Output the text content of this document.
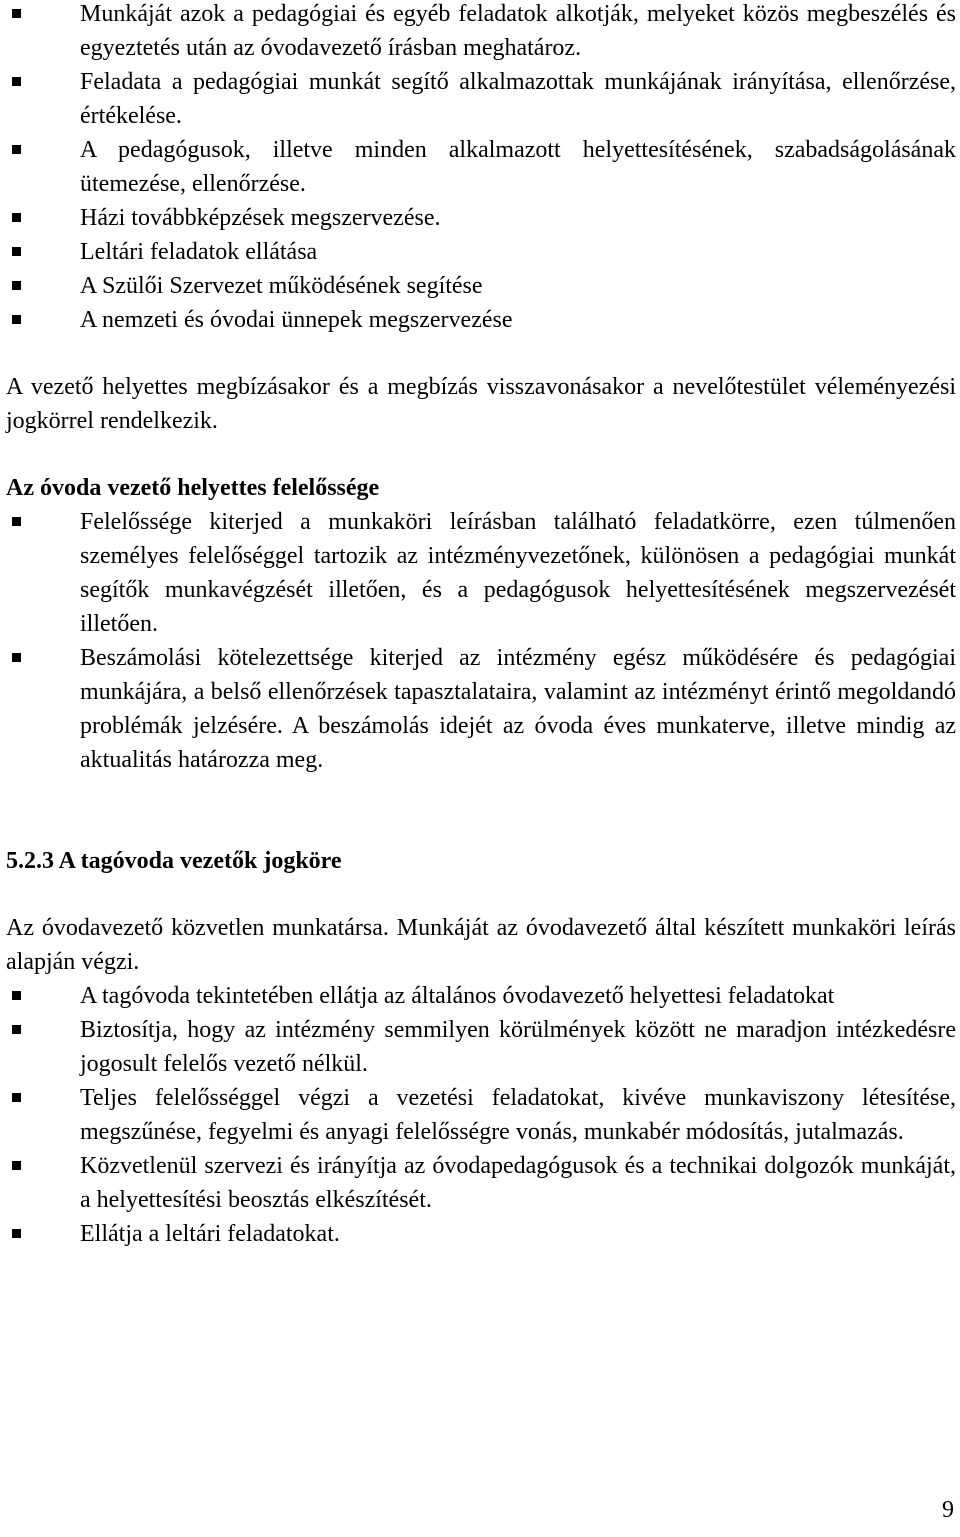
Munkáját azok a pedagógiai és egyéb feladatok alkotják, melyeket közös megbeszélés és egyeztetés után az óvodavezető írásban meghatároz.
Feladata a pedagógiai munkát segítő alkalmazottak munkájának irányítása, ellenőrzése, értékelése.
A pedagógusok, illetve minden alkalmazott helyettesítésének, szabadságolásának ütemezése, ellenőrzése.
Házi továbbképzések megszervezése.
Leltári feladatok ellátása
A Szülői Szervezet működésének segítése
A nemzeti és óvodai ünnepek megszervezése

A vezető helyettes megbízásakor és a megbízás visszavonásakor a nevelőtestület véleményezési jogkörrel rendelkezik.

Az óvoda vezető helyettes felelőssége

Felelőssége kiterjed a munkaköri leírásban található feladatkörre, ezen túlmenően személyes felelőséggel tartozik az intézményvezetőnek, különösen a pedagógiai munkát segítők munkavégzését illetően, és a pedagógusok helyettesítésének megszervezését illetően.
Beszámolási kötelezettsége kiterjed az intézmény egész működésére és pedagógiai munkájára, a belső ellenőrzések tapasztalataira, valamint az intézményt érintő megoldandó problémák jelzésére. A beszámolás idejét az óvoda éves munkaterve, illetve mindig az aktualitás határozza meg.

5.2.3 A tagóvoda vezetők jogköre

Az óvodavezető közvetlen munkatársa. Munkáját az óvodavezető által készített munkaköri leírás alapján végzi.

A tagóvoda tekintetében ellátja az általános óvodavezető helyettesi feladatokat
Biztosítja, hogy az intézmény semmilyen körülmények között ne maradjon intézkedésre jogosult felelős vezető nélkül.
Teljes felelősséggel végzi a vezetési feladatokat, kivéve munkaviszony létesítése, megszűnése, fegyelmi és anyagi felelősségre vonás, munkabér módosítás, jutalmazás.
Közvetlenül szervezi és irányítja az óvodapedagógusok és a technikai dolgozók munkáját, a helyettesítési beosztás elkészítését.
Ellátja a leltári feladatokat.
9
